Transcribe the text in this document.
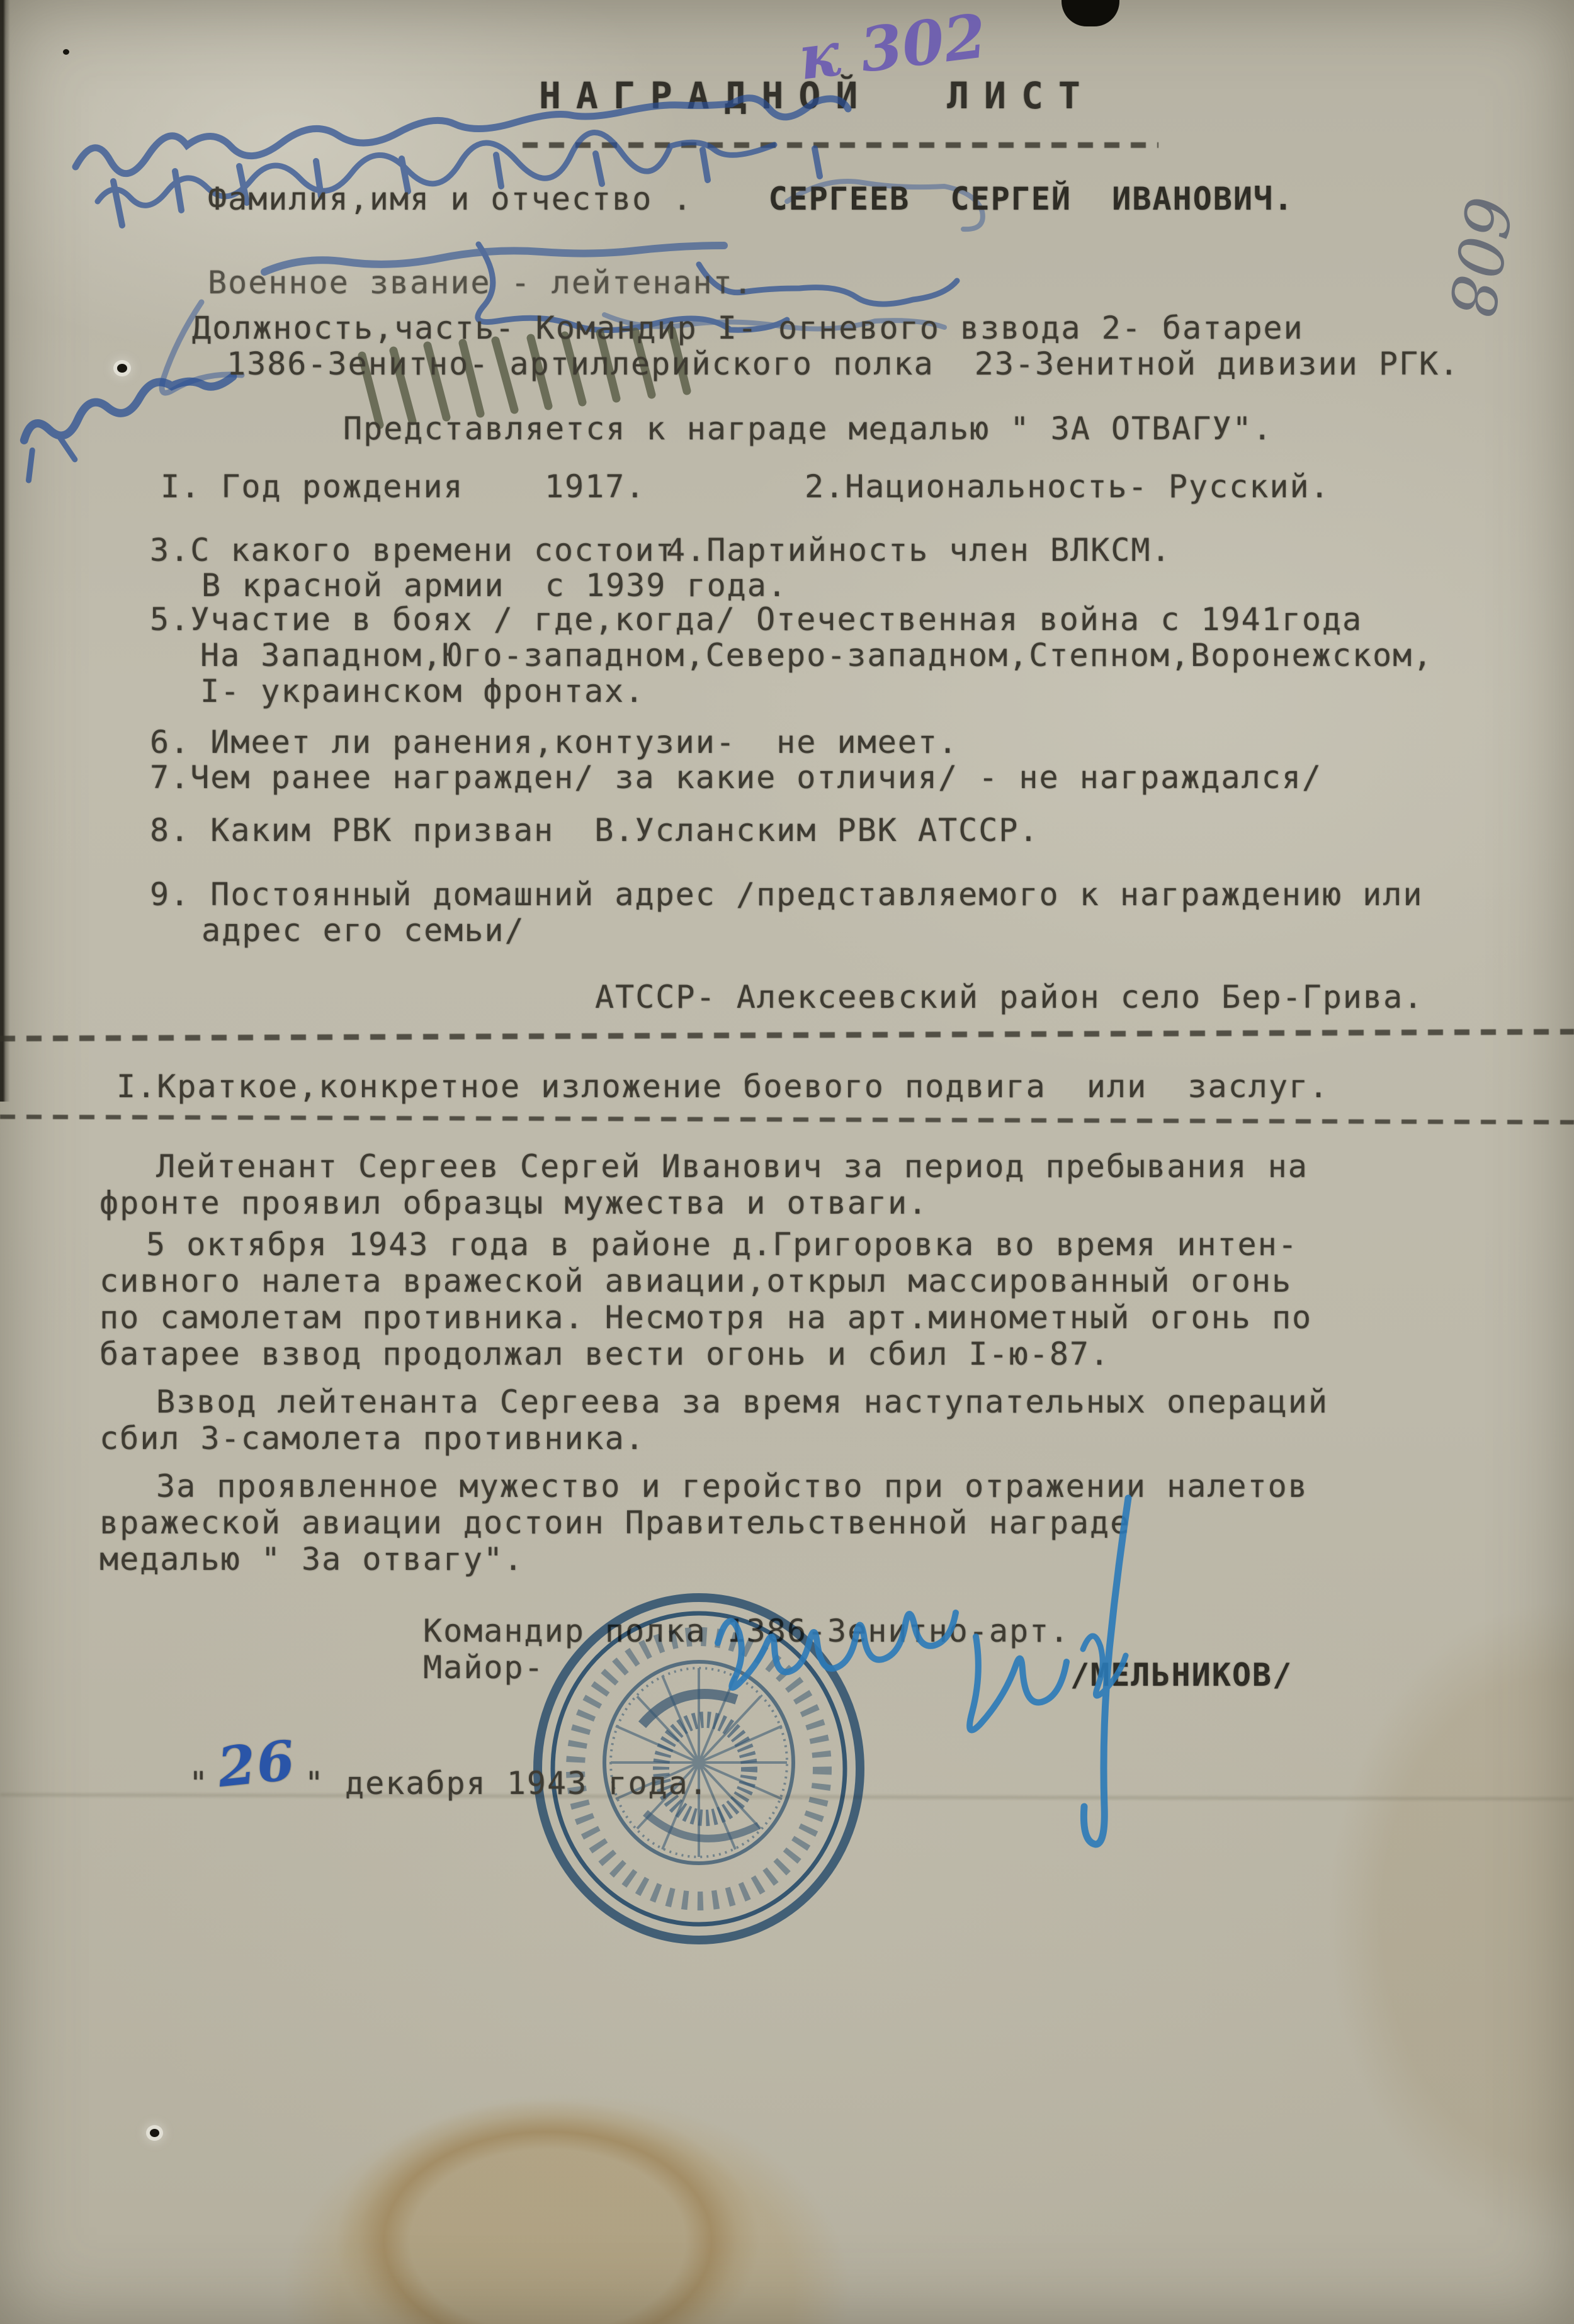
к 302
НАГРАДНОЙ  ЛИСТ
Фамилия,имя и отчество . СЕРГЕЕВ  СЕРГЕЙ  ИВАНОВИЧ.
Военное звание - лейтенант.	608
Должность,часть- Командир I- огневого взвода 2- батареи
1386-Зенитно- артиллерийского полка  23-Зенитной дивизии РГК.
Представляется к награде медалью " ЗА ОТВАГУ".
I. Год рождения    1917.	2.Национальность- Русский.
3.С какого времени состоит
4.Партийность член ВЛКСМ.
В красной армии  с 1939 года.
5.Участие в боях / где,когда/ Отечественная война с 1941года
На Западном,Юго-западном,Северо-западном,Степном,Воронежском,
I- украинском фронтах.
6. Имеет ли ранения,контузии-  не имеет.
7.Чем ранее награжден/ за какие отличия/ - не награждался/
8. Каким РВК призван  В.Усланским РВК АТССР.
9. Постоянный домашний адрес /представляемого к награждению или
адрес его семьи/
АТССР- Алексеевский район село Бер-Грива.
I.Краткое,конкретное изложение боевого подвига  или  заслуг.
Лейтенант Сергеев Сергей Иванович за период пребывания на
фронте проявил образцы мужества и отваги.
5 октября 1943 года в районе д.Григоровка во время интен-
сивного налета вражеской авиации,открыл массированный огонь
по самолетам противника. Несмотря на арт.минометный огонь по
батарее взвод продолжал вести огонь и сбил I-ю-87.
Взвод лейтенанта Сергеева за время наступательных операций
сбил 3-самолета противника.
За проявленное мужество и геройство при отражении налетов
вражеской авиации достоин Правительственной награде
медалью " За отвагу".
Командир полка 1386-Зенитно-арт.
Майор-	/МЕЛЬНИКОВ/
" 26 " декабря 1943 года.
